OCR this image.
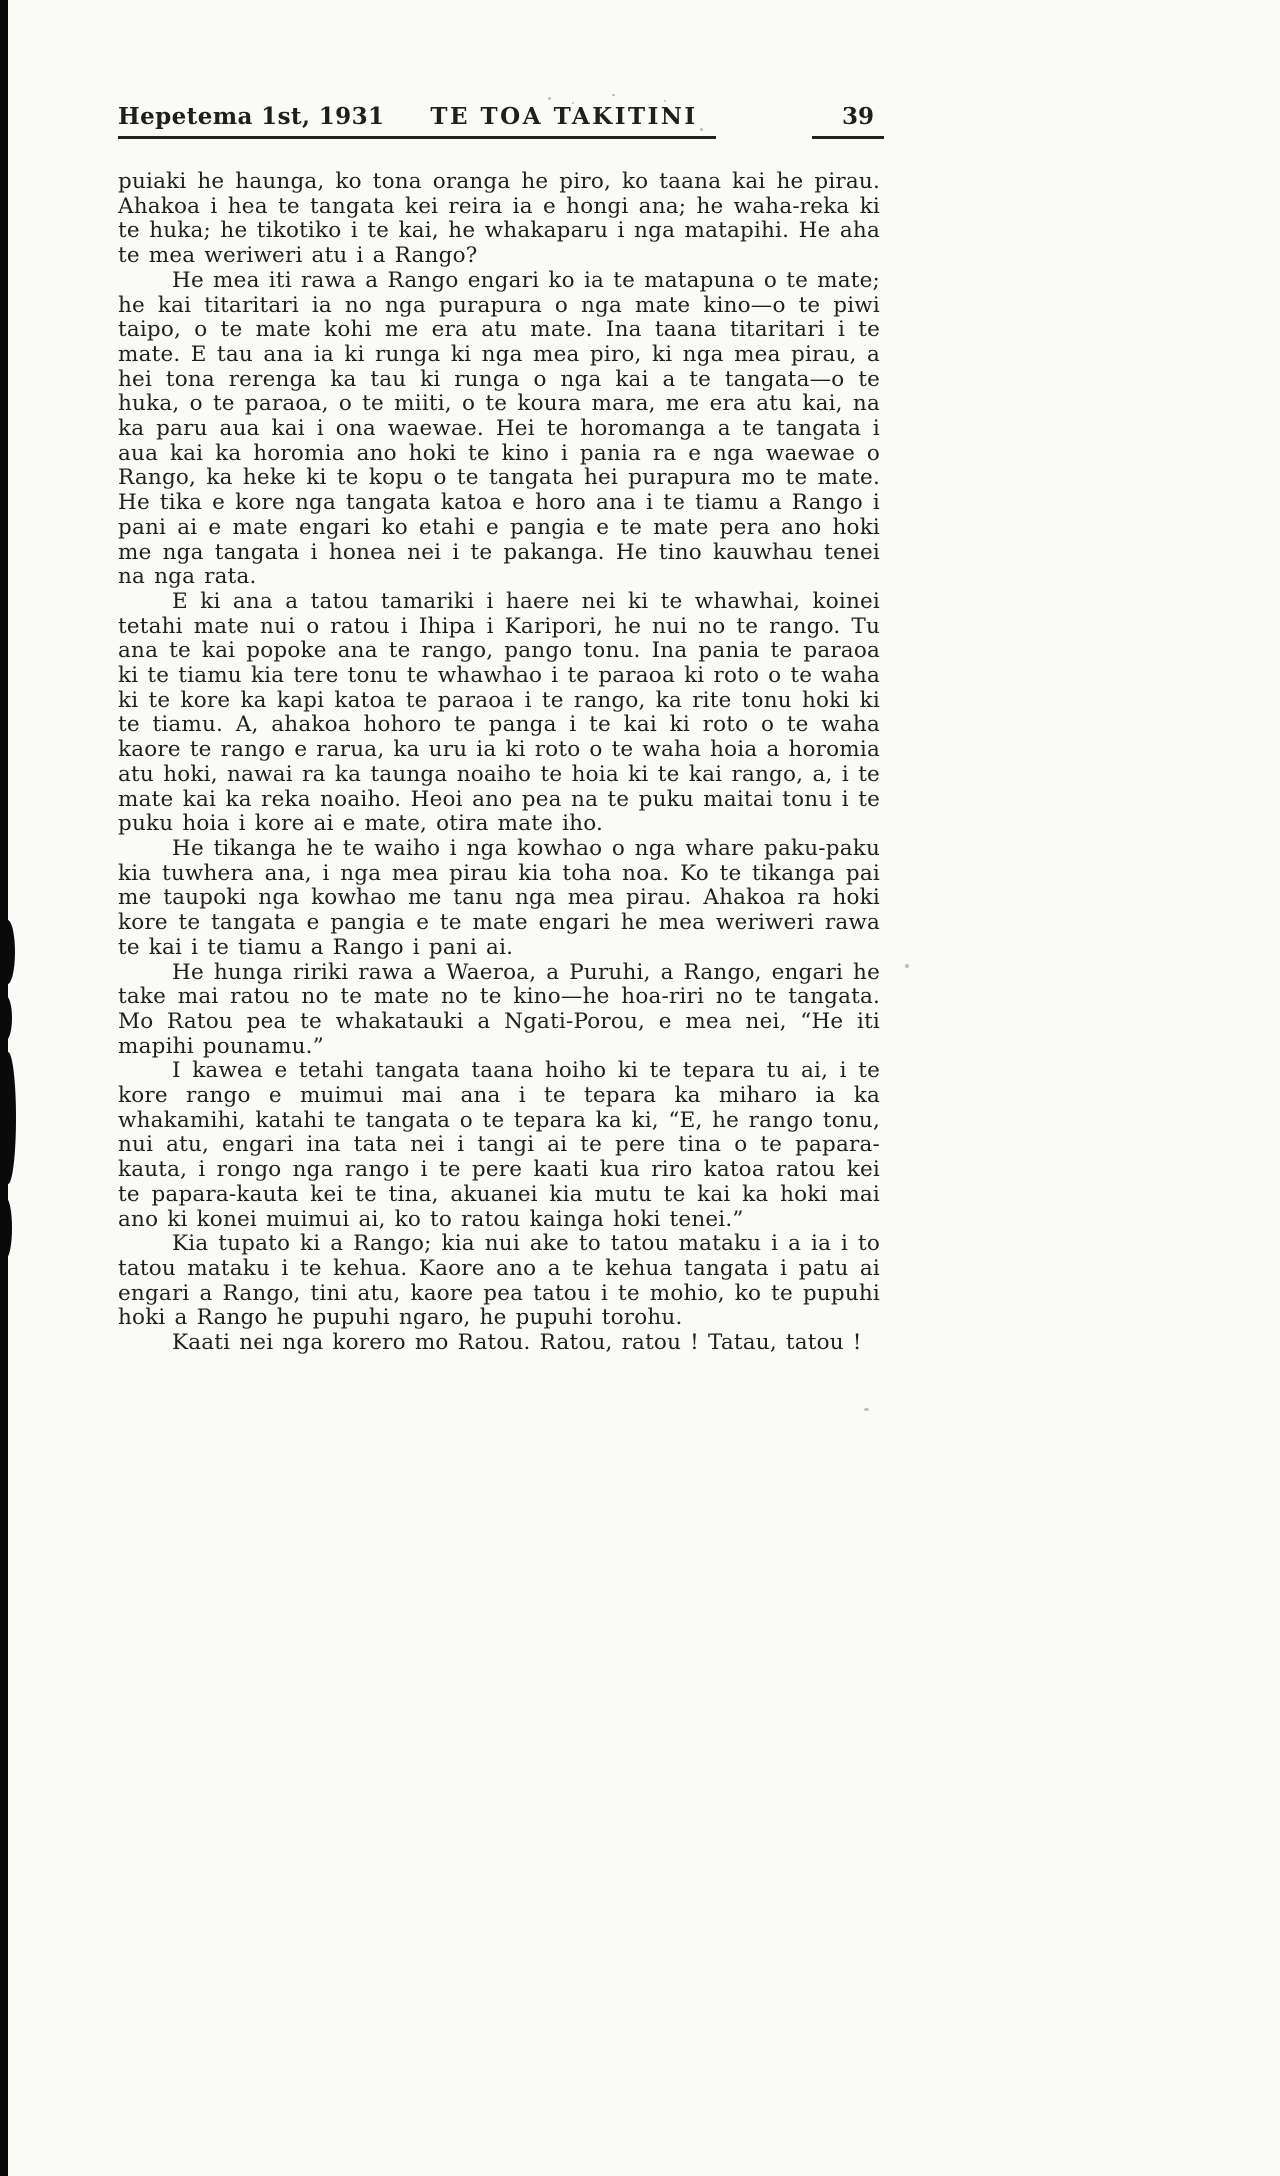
Hepetema 1st, 1931 TE TOA TAKITINI	39

puiaki he haunga, ko tona oranga he piro, ko taana kai he pirau. Ahakoa i hea te tangata kei reira ia e hongi ana; he waha-reka ki te huka; he tikotiko i te kai, he whakaparu i nga matapihi. He aha te mea weriweri atu i a Rango?

He mea iti rawa a Rango engari ko ia te matapuna o te mate; he kai titaritari ia no nga purapura o nga mate kino—o te piwi taipo, o te mate kohi me era atu mate. Ina taana titaritari i te mate. E tau ana ia ki runga ki nga mea piro, ki nga mea pirau, a hei tona rerenga ka tau ki runga o nga kai a te tangata—o te huka, o te paraoa, o te miiti, o te koura mara, me era atu kai, na ka paru aua kai i ona waewae. Hei te horomanga a te tangata i aua kai ka horomia ano hoki te kino i pania ra e nga waewae o Rango, ka heke ki te kopu o te tangata hei purapura mo te mate. He tika e kore nga tangata katoa e horo ana i te tiamu a Rango i pani ai e mate engari ko etahi e pangia e te mate pera ano hoki me nga tangata i honea nei i te pakanga. He tino kauwhau tenei na nga rata.

E ki ana a tatou tamariki i haere nei ki te whawhai, koinei tetahi mate nui o ratou i Ihipa i Karipori, he nui no te rango. Tu ana te kai popoke ana te rango, pango tonu. Ina pania te paraoa ki te tiamu kia tere tonu te whawhao i te paraoa ki roto o te waha ki te kore ka kapi katoa te paraoa i te rango, ka rite tonu hoki ki te tiamu. A, ahakoa hohoro te panga i te kai ki roto o te waha kaore te rango e rarua, ka uru ia ki roto o te waha hoia a horomia atu hoki, nawai ra ka taunga noaiho te hoia ki te kai rango, a, i te mate kai ka reka noaiho. Heoi ano pea na te puku maitai tonu i te puku hoia i kore ai e mate, otira mate iho.

He tikanga he te waiho i nga kowhao o nga whare paku-paku kia tuwhera ana, i nga mea pirau kia toha noa. Ko te tikanga pai me taupoki nga kowhao me tanu nga mea pirau. Ahakoa ra hoki kore te tangata e pangia e te mate engari he mea weriweri rawa te kai i te tiamu a Rango i pani ai.

He hunga ririki rawa a Waeroa, a Puruhi, a Rango, engari he take mai ratou no te mate no te kino—he hoa-riri no te tangata. Mo Ratou pea te whakatauki a Ngati-Porou, e mea nei, “He iti mapihi pounamu.”

I kawea e tetahi tangata taana hoiho ki te tepara tu ai, i te kore rango e muimui mai ana i te tepara ka miharo ia ka whakamihi, katahi te tangata o te tepara ka ki, “E, he rango tonu, nui atu, engari ina tata nei i tangi ai te pere tina o te papara-kauta, i rongo nga rango i te pere kaati kua riro katoa ratou kei te papara-kauta kei te tina, akuanei kia mutu te kai ka hoki mai ano ki konei muimui ai, ko to ratou kainga hoki tenei.”

Kia tupato ki a Rango; kia nui ake to tatou mataku i a ia i to tatou mataku i te kehua. Kaore ano a te kehua tangata i patu ai engari a Rango, tini atu, kaore pea tatou i te mohio, ko te pupuhi hoki a Rango he pupuhi ngaro, he pupuhi torohu.

Kaati nei nga korero mo Ratou. Ratou, ratou ! Tatau, tatou !
